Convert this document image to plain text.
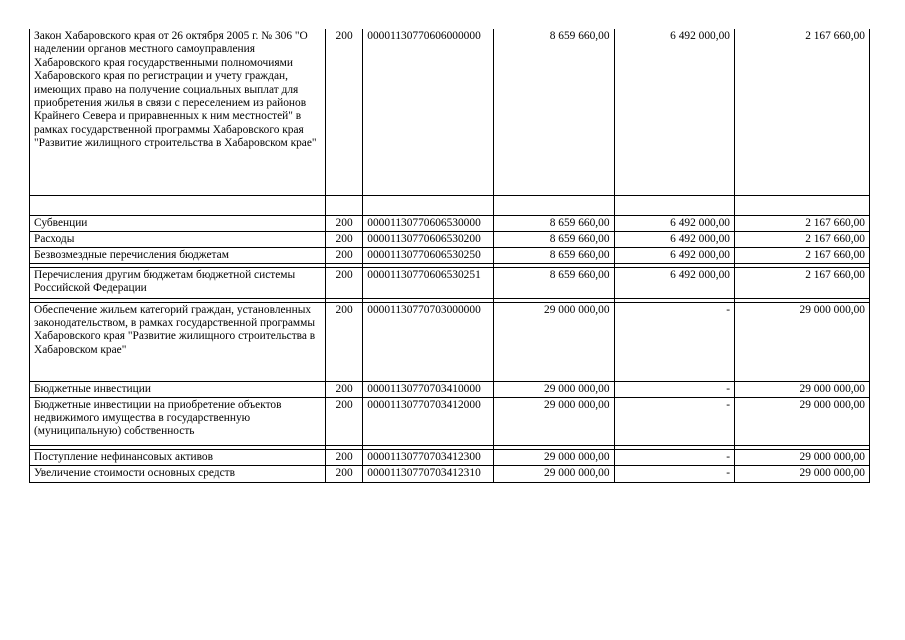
Закон Хабаровского края от 26 октября 2005 г. № 306 "О наделении органов местного самоуправления Хабаровского края государственными полномочиями Хабаровского края по регистрации и учету граждан, имеющих право на получение социальных выплат для приобретения жилья в связи с переселением из районов Крайнего Севера и приравненных к ним местностей" в рамках государственной программы Хабаровского края "Развитие жилищного строительства в Хабаровском крае"	200	00001130770606000000	8 659 660,00	6 492 000,00	2 167 660,00

Субвенции	200	00001130770606530000	8 659 660,00	6 492 000,00	2 167 660,00
Расходы	200	00001130770606530200	8 659 660,00	6 492 000,00	2 167 660,00
Безвозмездные перечисления бюджетам	200	00001130770606530250	8 659 660,00	6 492 000,00	2 167 660,00

Перечисления другим бюджетам бюджетной системы Российской Федерации	200	00001130770606530251	8 659 660,00	6 492 000,00	2 167 660,00

Обеспечение жильем категорий граждан, установленных законодательством, в рамках государственной программы Хабаровского края "Развитие жилищного строительства в Хабаровском крае"	200	00001130770703000000	29 000 000,00	-	29 000 000,00
Бюджетные инвестиции	200	00001130770703410000	29 000 000,00	-	29 000 000,00
Бюджетные инвестиции на приобретение объектов недвижимого имущества в государственную (муниципальную) собственность	200	00001130770703412000	29 000 000,00	-	29 000 000,00

Поступление нефинансовых активов	200	00001130770703412300	29 000 000,00	-	29 000 000,00
Увеличение стоимости основных средств	200	00001130770703412310	29 000 000,00	-	29 000 000,00
